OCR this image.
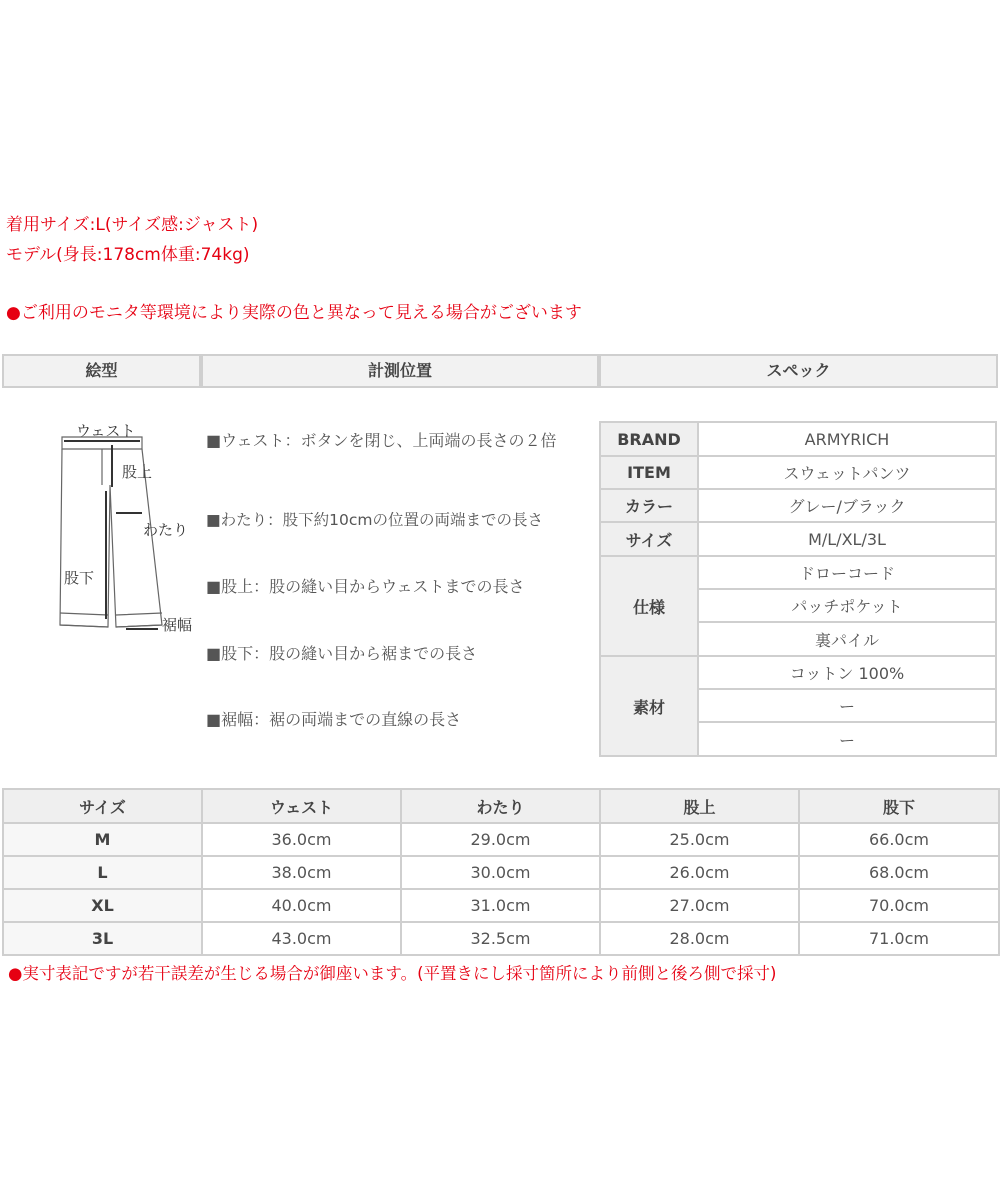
着用サイズ:L(サイズ感:ジャスト)
モデル(身長:178cm体重:74kg)
●ご利用のモニタ等環境により実際の色と異なって見える場合がございます
絵型	計測位置	スペック
ウェスト
股上
わたり
股下
裾幅
■ウェスト：ボタンを閉じ、上両端の長さの２倍
■わたり：股下約10cmの位置の両端までの長さ
■股上：股の縫い目からウェストまでの長さ
■股下：股の縫い目から裾までの長さ
■裾幅：裾の両端までの直線の長さ
BRAND	ARMYRICH
ITEM	スウェットパンツ
カラー	グレー/ブラック
サイズ	M/L/XL/3L
仕様	ドローコード
	パッチポケット
	裏パイル
素材	コットン 100%
	ー
	ー
サイズ	ウェスト	わたり	股上	股下
M	36.0cm	29.0cm	25.0cm	66.0cm
L	38.0cm	30.0cm	26.0cm	68.0cm
XL	40.0cm	31.0cm	27.0cm	70.0cm
3L	43.0cm	32.5cm	28.0cm	71.0cm
●実寸表記ですが若干誤差が生じる場合が御座います。(平置きにし採寸箇所により前側と後ろ側で採寸)
